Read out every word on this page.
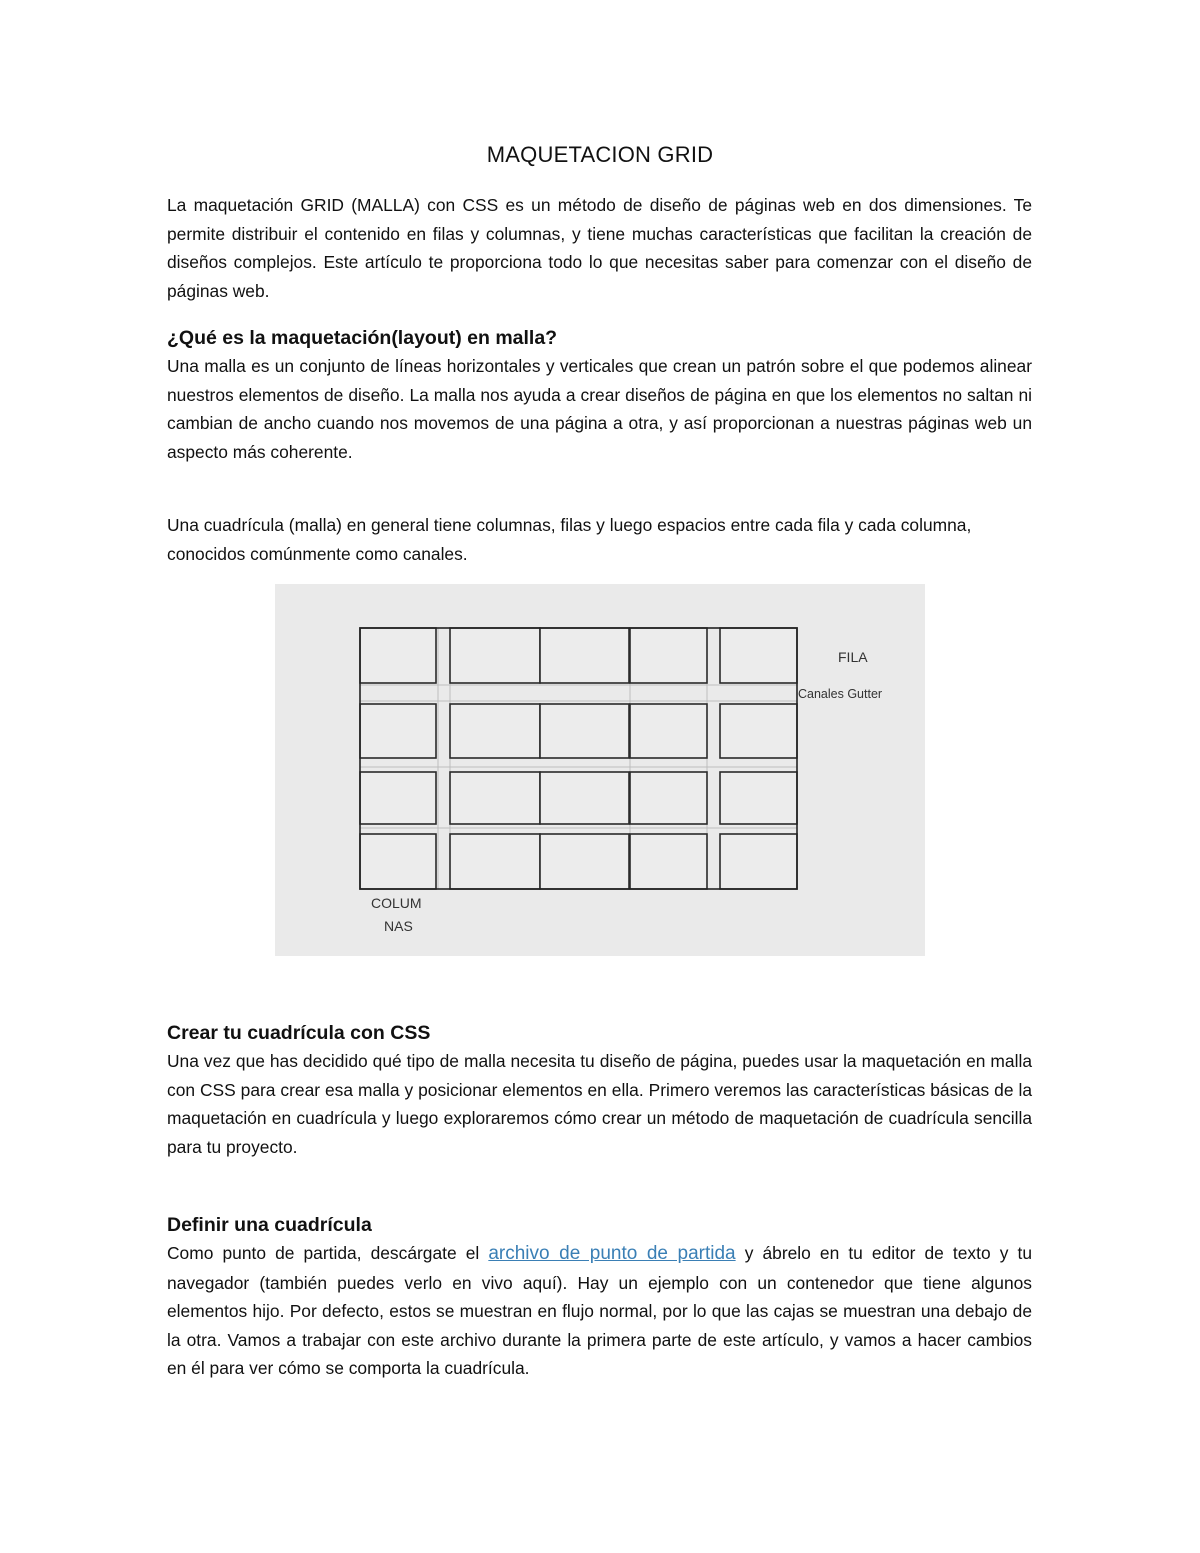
MAQUETACION GRID

La maquetación GRID (MALLA) con CSS es un método de diseño de páginas web en dos dimensiones. Te permite distribuir el contenido en filas y columnas, y tiene muchas características que facilitan la creación de diseños complejos. Este artículo te proporciona todo lo que necesitas saber para comenzar con el diseño de páginas web.

¿Qué es la maquetación(layout) en malla?

Una malla es un conjunto de líneas horizontales y verticales que crean un patrón sobre el que podemos alinear nuestros elementos de diseño. La malla nos ayuda a crear diseños de página en que los elementos no saltan ni cambian de ancho cuando nos movemos de una página a otra, y así proporcionan a nuestras páginas web un aspecto más coherente.

Una cuadrícula (malla) en general tiene columnas, filas y luego espacios entre cada fila y cada columna, conocidos comúnmente como canales.

FILA
Canales Gutter
COLUM
NAS
Crear tu cuadrícula con CSS

Una vez que has decidido qué tipo de malla necesita tu diseño de página, puedes usar la maquetación en malla con CSS para crear esa malla y posicionar elementos en ella. Primero veremos las características básicas de la maquetación en cuadrícula y luego exploraremos cómo crear un método de maquetación de cuadrícula sencilla para tu proyecto.

Definir una cuadrícula

Como punto de partida, descárgate el archivo de punto de partida y ábrelo en tu editor de texto y tu navegador (también puedes verlo en vivo aquí). Hay un ejemplo con un contenedor que tiene algunos elementos hijo. Por defecto, estos se muestran en flujo normal, por lo que las cajas se muestran una debajo de la otra. Vamos a trabajar con este archivo durante la primera parte de este artículo, y vamos a hacer cambios en él para ver cómo se comporta la cuadrícula.
